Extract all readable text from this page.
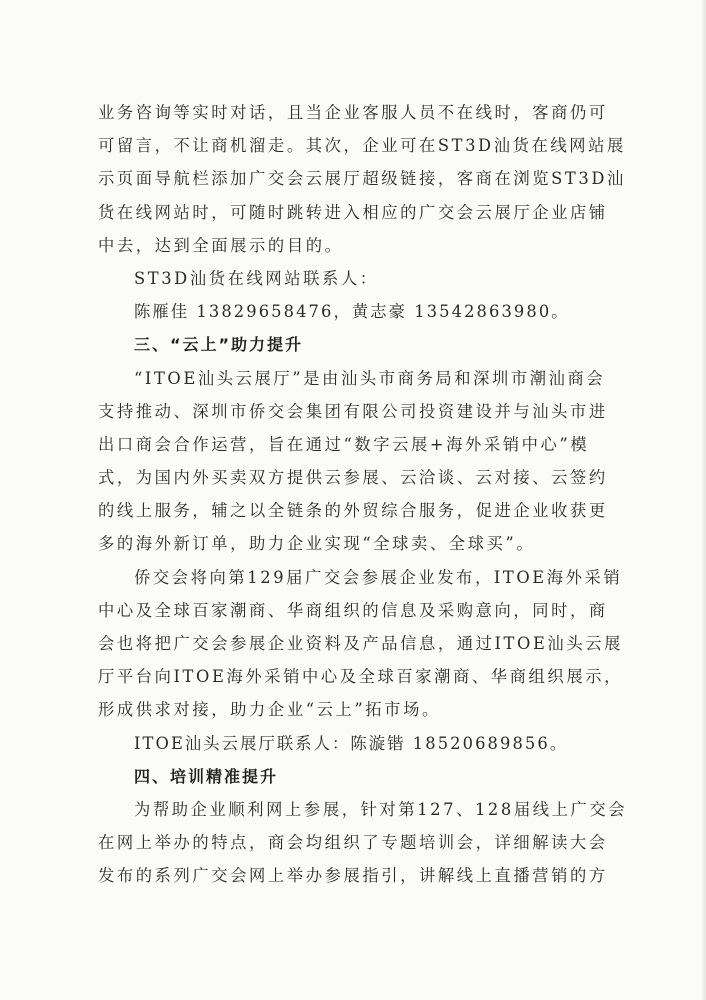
业务咨询等实时对话，且当企业客服人员不在线时，客商仍可
可留言，不让商机溜走。其次，企业可在ST3D汕货在线网站展
示页面导航栏添加广交会云展厅超级链接，客商在浏览ST3D汕
货在线网站时，可随时跳转进入相应的广交会云展厅企业店铺
中去，达到全面展示的目的。
ST3D汕货在线网站联系人：
陈雁佳 13829658476，黄志豪 13542863980。
三、“云上”助力提升
“ITOE汕头云展厅”是由汕头市商务局和深圳市潮汕商会
支持推动、深圳市侨交会集团有限公司投资建设并与汕头市进
出口商会合作运营，旨在通过“数字云展+海外采销中心”模
式，为国内外买卖双方提供云参展、云洽谈、云对接、云签约
的线上服务，辅之以全链条的外贸综合服务，促进企业收获更
多的海外新订单，助力企业实现“全球卖、全球买”。
侨交会将向第129届广交会参展企业发布，ITOE海外采销
中心及全球百家潮商、华商组织的信息及采购意向，同时，商
会也将把广交会参展企业资料及产品信息，通过ITOE汕头云展
厅平台向ITOE海外采销中心及全球百家潮商、华商组织展示，
形成供求对接，助力企业“云上”拓市场。
ITOE汕头云展厅联系人：陈漩锴 18520689856。
四、培训精准提升
为帮助企业顺利网上参展，针对第127、128届线上广交会
在网上举办的特点，商会均组织了专题培训会，详细解读大会
发布的系列广交会网上举办参展指引，讲解线上直播营销的方
